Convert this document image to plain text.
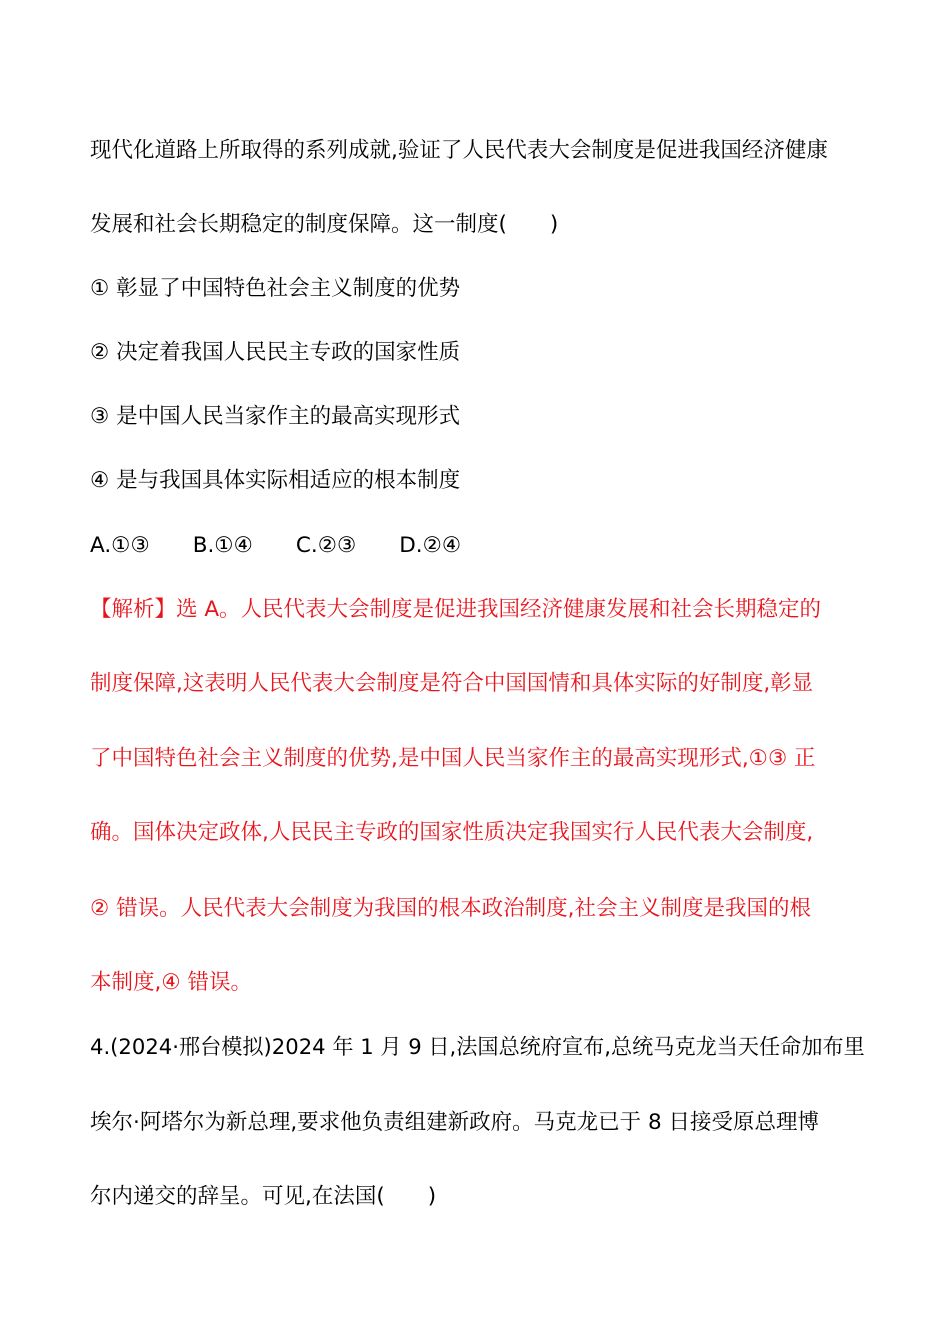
现代化道路上所取得的系列成就,验证了人民代表大会制度是促进我国经济健康
发展和社会长期稳定的制度保障。这一制度(　　)
① 彰显了中国特色社会主义制度的优势
② 决定着我国人民民主专政的国家性质
③ 是中国人民当家作主的最高实现形式
④ 是与我国具体实际相适应的根本制度
A.①③　　B.①④　　C.②③　　D.②④
【解析】选 A。人民代表大会制度是促进我国经济健康发展和社会长期稳定的
制度保障,这表明人民代表大会制度是符合中国国情和具体实际的好制度,彰显
了中国特色社会主义制度的优势,是中国人民当家作主的最高实现形式,①③ 正
确。国体决定政体,人民民主专政的国家性质决定我国实行人民代表大会制度,
② 错误。人民代表大会制度为我国的根本政治制度,社会主义制度是我国的根
本制度,④ 错误。
4.(2024·邢台模拟)2024 年 1 月 9 日,法国总统府宣布,总统马克龙当天任命加布里
埃尔·阿塔尔为新总理,要求他负责组建新政府。马克龙已于 8 日接受原总理博
尔内递交的辞呈。可见,在法国(　　)
